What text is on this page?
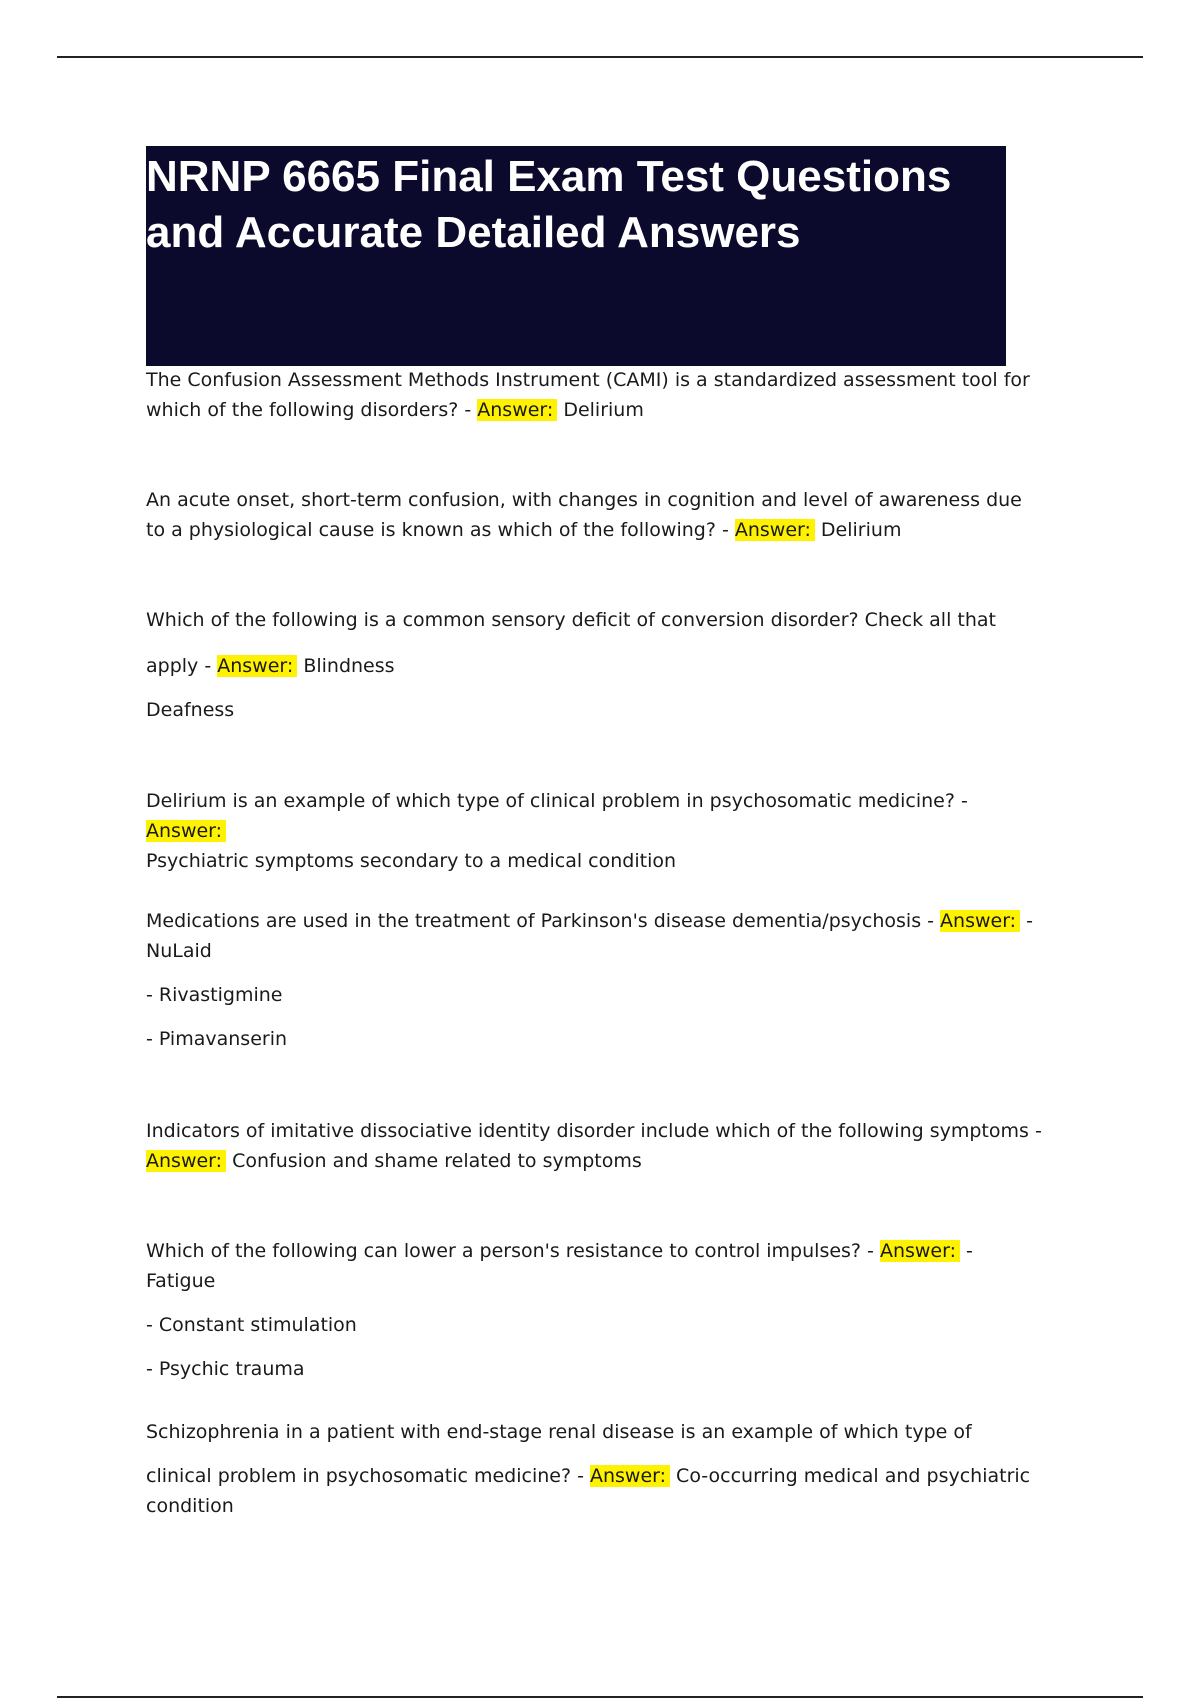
NRNP 6665 Final Exam Test Questions and Accurate Detailed Answers

The Confusion Assessment Methods Instrument (CAMI) is a standardized assessment tool for which of the following disorders? - Answer: Delirium

An acute onset, short-term confusion, with changes in cognition and level of awareness due to a physiological cause is known as which of the following? - Answer: Delirium

Which of the following is a common sensory deficit of conversion disorder? Check all that

apply - Answer: Blindness

Deafness

Delirium is an example of which type of clinical problem in psychosomatic medicine? - Answer:
Psychiatric symptoms secondary to a medical condition

Medications are used in the treatment of Parkinson's disease dementia/psychosis - Answer: - NuLaid

- Rivastigmine

- Pimavanserin

Indicators of imitative dissociative identity disorder include which of the following symptoms - Answer: Confusion and shame related to symptoms

Which of the following can lower a person's resistance to control impulses? - Answer: - Fatigue

- Constant stimulation

- Psychic trauma

Schizophrenia in a patient with end-stage renal disease is an example of which type of

clinical problem in psychosomatic medicine? - Answer: Co-occurring medical and psychiatric condition
